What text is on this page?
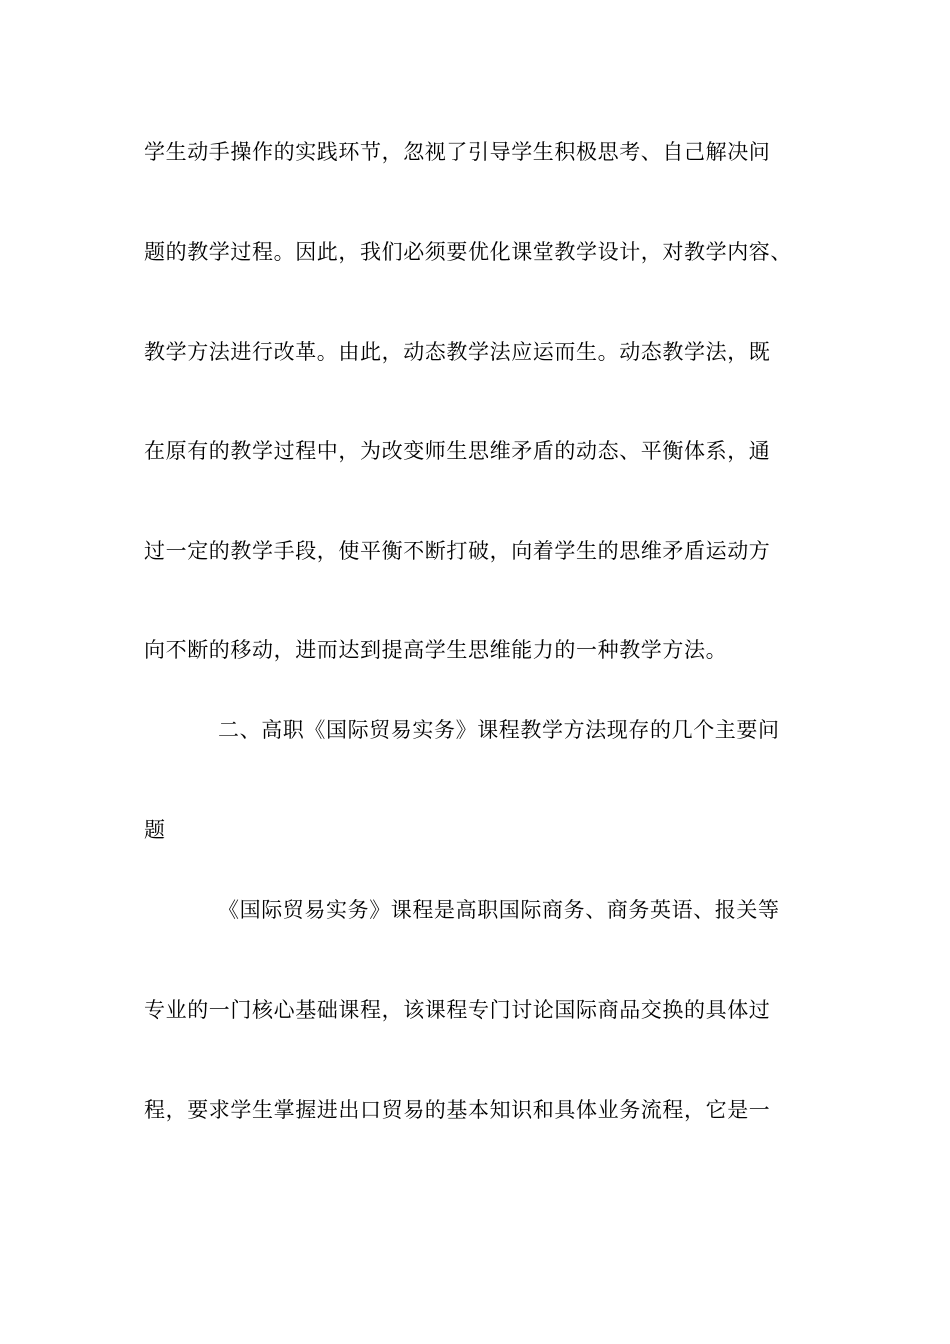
学生动手操作的实践环节，忽视了引导学生积极思考、自己解决问
题的教学过程。因此，我们必须要优化课堂教学设计，对教学内容、
教学方法进行改革。由此，动态教学法应运而生。动态教学法，既
在原有的教学过程中，为改变师生思维矛盾的动态、平衡体系，通
过一定的教学手段，使平衡不断打破，向着学生的思维矛盾运动方
向不断的移动，进而达到提高学生思维能力的一种教学方法。
二、高职《国际贸易实务》课程教学方法现存的几个主要问
题
《国际贸易实务》课程是高职国际商务、商务英语、报关等
专业的一门核心基础课程，该课程专门讨论国际商品交换的具体过
程，要求学生掌握进出口贸易的基本知识和具体业务流程，它是一
